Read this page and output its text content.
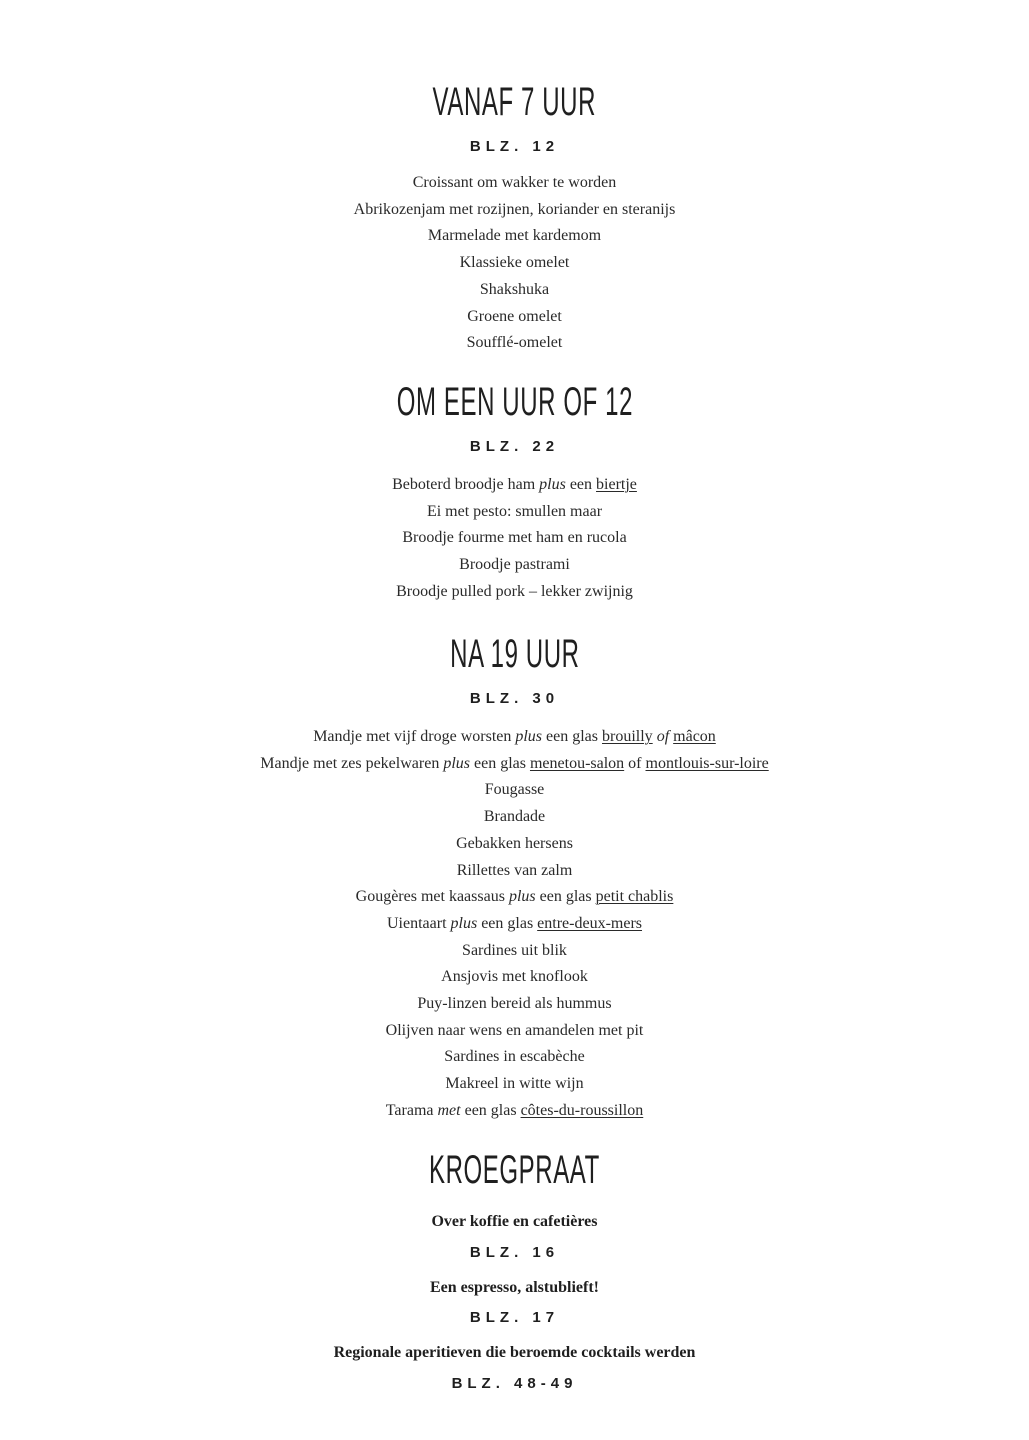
VANAF 7 UUR
BLZ. 12
Croissant om wakker te worden
Abrikozenjam met rozijnen, koriander en steranijs
Marmelade met kardemom
Klassieke omelet
Shakshuka
Groene omelet
Soufflé-omelet
OM EEN UUR OF 12
BLZ. 22
Beboterd broodje ham plus een biertje
Ei met pesto: smullen maar
Broodje fourme met ham en rucola
Broodje pastrami
Broodje pulled pork – lekker zwijnig
NA 19 UUR
BLZ. 30
Mandje met vijf droge worsten plus een glas brouilly of mâcon
Mandje met zes pekelwaren plus een glas menetou-salon of montlouis-sur-loire
Fougasse
Brandade
Gebakken hersens
Rillettes van zalm
Gougères met kaassaus plus een glas petit chablis
Uientaart plus een glas entre-deux-mers
Sardines uit blik
Ansjovis met knoflook
Puy-linzen bereid als hummus
Olijven naar wens en amandelen met pit
Sardines in escabèche
Makreel in witte wijn
Tarama met een glas côtes-du-roussillon
KROEGPRAAT
Over koffie en cafetières
BLZ. 16
Een espresso, alstublieft!
BLZ. 17
Regionale aperitieven die beroemde cocktails werden
BLZ. 48-49
